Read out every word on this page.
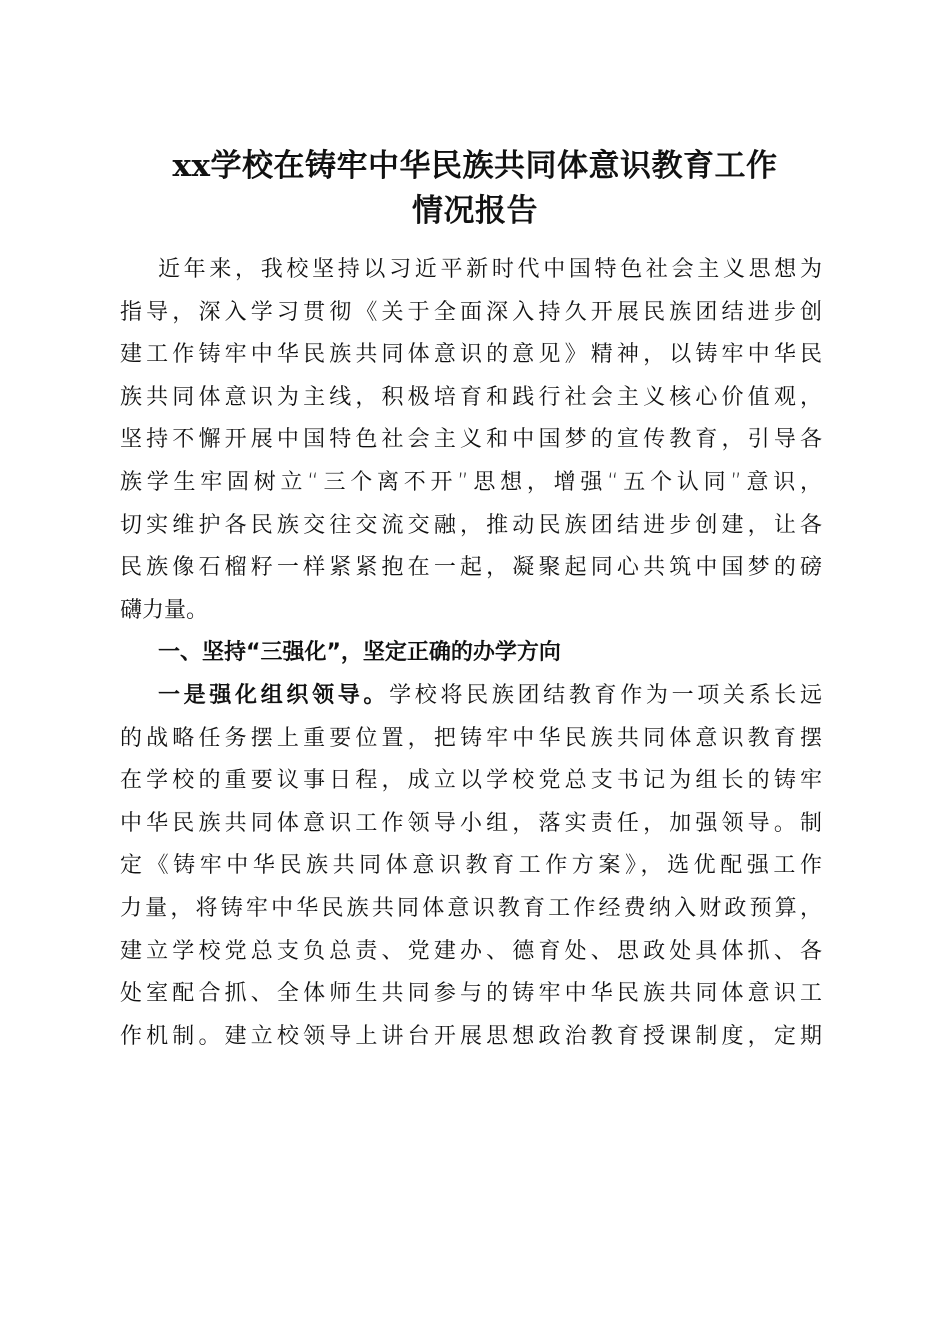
xx学校在铸牢中华民族共同体意识教育工作
情况报告
近年来，我校坚持以习近平新时代中国特色社会主义思想为
指导，深入学习贯彻《关于全面深入持久开展民族团结进步创
建工作铸牢中华民族共同体意识的意见》精神，以铸牢中华民
族共同体意识为主线，积极培育和践行社会主义核心价值观，
坚持不懈开展中国特色社会主义和中国梦的宣传教育，引导各
族学生牢固树立“三个离不开”思想，增强“五个认同”意识，
切实维护各民族交往交流交融，推动民族团结进步创建，让各
民族像石榴籽一样紧紧抱在一起，凝聚起同心共筑中国梦的磅
礴力量。
一、坚持“三强化”，坚定正确的办学方向
一是强化组织领导。学校将民族团结教育作为一项关系长远
的战略任务摆上重要位置，把铸牢中华民族共同体意识教育摆
在学校的重要议事日程，成立以学校党总支书记为组长的铸牢
中华民族共同体意识工作领导小组，落实责任，加强领导。制
定《铸牢中华民族共同体意识教育工作方案》，选优配强工作
力量，将铸牢中华民族共同体意识教育工作经费纳入财政预算，
建立学校党总支负总责、党建办、德育处、思政处具体抓、各
处室配合抓、全体师生共同参与的铸牢中华民族共同体意识工
作机制。建立校领导上讲台开展思想政治教育授课制度，定期
